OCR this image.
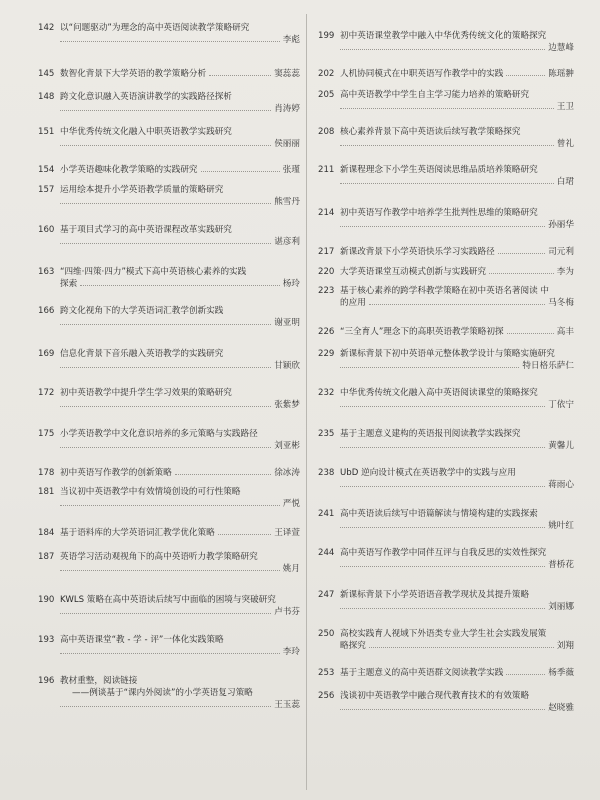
142 以“问题驱动”为理念的高中英语阅读教学策略研究
李彪
145 数智化背景下大学英语的教学策略分析	窦蕊蕊
148 跨文化意识融入英语演讲教学的实践路径探析
肖涛婷
151 中华优秀传统文化融入中职英语教学实践研究
侯丽丽
154 小学英语趣味化教学策略的实践研究	张瑾
157 运用绘本提升小学英语教学质量的策略研究
熊雪丹
160 基于项目式学习的高中英语课程改革实践研究
谌彦利
163 “四维·四策·四力”模式下高中英语核心素养的实践
探索	杨玲
166 跨文化视角下的大学英语词汇教学创新实践
谢亚明
169 信息化背景下音乐融入英语教学的实践研究
甘颖欣
172 初中英语教学中提升学生学习效果的策略研究
张紫梦
175 小学英语教学中文化意识培养的多元策略与实践路径
刘亚彬
178 初中英语写作教学的创新策略	徐冰涛
181 当议初中英语教学中有效情境创设的可行性策略
严悦
184 基于语料库的大学英语词汇教学优化策略	王译萱
187 英语学习活动观视角下的高中英语听力教学策略研究
姚月
190 KWLS 策略在高中英语读后续写中面临的困境与突破研究
卢书芬
193 高中英语课堂“教 - 学 - 评”一体化实践策略
李玲
196 教材重整，阅读链接
——例谈基于“课内外阅读”的小学英语复习策略
王玉蕊
199 初中英语课堂教学中融入中华优秀传统文化的策略探究
边慧峰
202 人机协同模式在中职英语写作教学中的实践	陈瑶翀
205 高中英语教学中学生自主学习能力培养的策略研究
王卫
208 核心素养背景下高中英语读后续写教学策略探究
曾礼
211 新课程理念下小学生英语阅读思维品质培养策略研究
白珺
214 初中英语写作教学中培养学生批判性思维的策略研究
孙丽华
217 新课改背景下小学英语快乐学习实践路径	司元利
220 大学英语课堂互动模式创新与实践研究	李为
223 基于核心素养的跨学科教学策略在初中英语名著阅读 中
的应用	马冬梅
226 “三全育人”理念下的高职英语教学策略初探	高丰
229 新课标背景下初中英语单元整体教学设计与策略实施研究
特日格乐萨仁
232 中华优秀传统文化融入高中英语阅读课堂的策略探究
丁依宁
235 基于主题意义建构的英语报刊阅读教学实践探究
黄馨儿
238 UbD 逆向设计模式在英语教学中的实践与应用
蒋雨心
241 高中英语读后续写中语篇解读与情境构建的实践探索
姚叶红
244 高中英语写作教学中同伴互评与自我反思的实效性探究
普桥花
247 新课标背景下小学英语语音教学现状及其提升策略
刘丽娜
250 高校实践育人视域下外语类专业大学生社会实践发展策
略探究	刘翔
253 基于主题意义的高中英语群文阅读教学实践	杨季薇
256 浅谈初中英语教学中融合现代教育技术的有效策略
赵晓雅
